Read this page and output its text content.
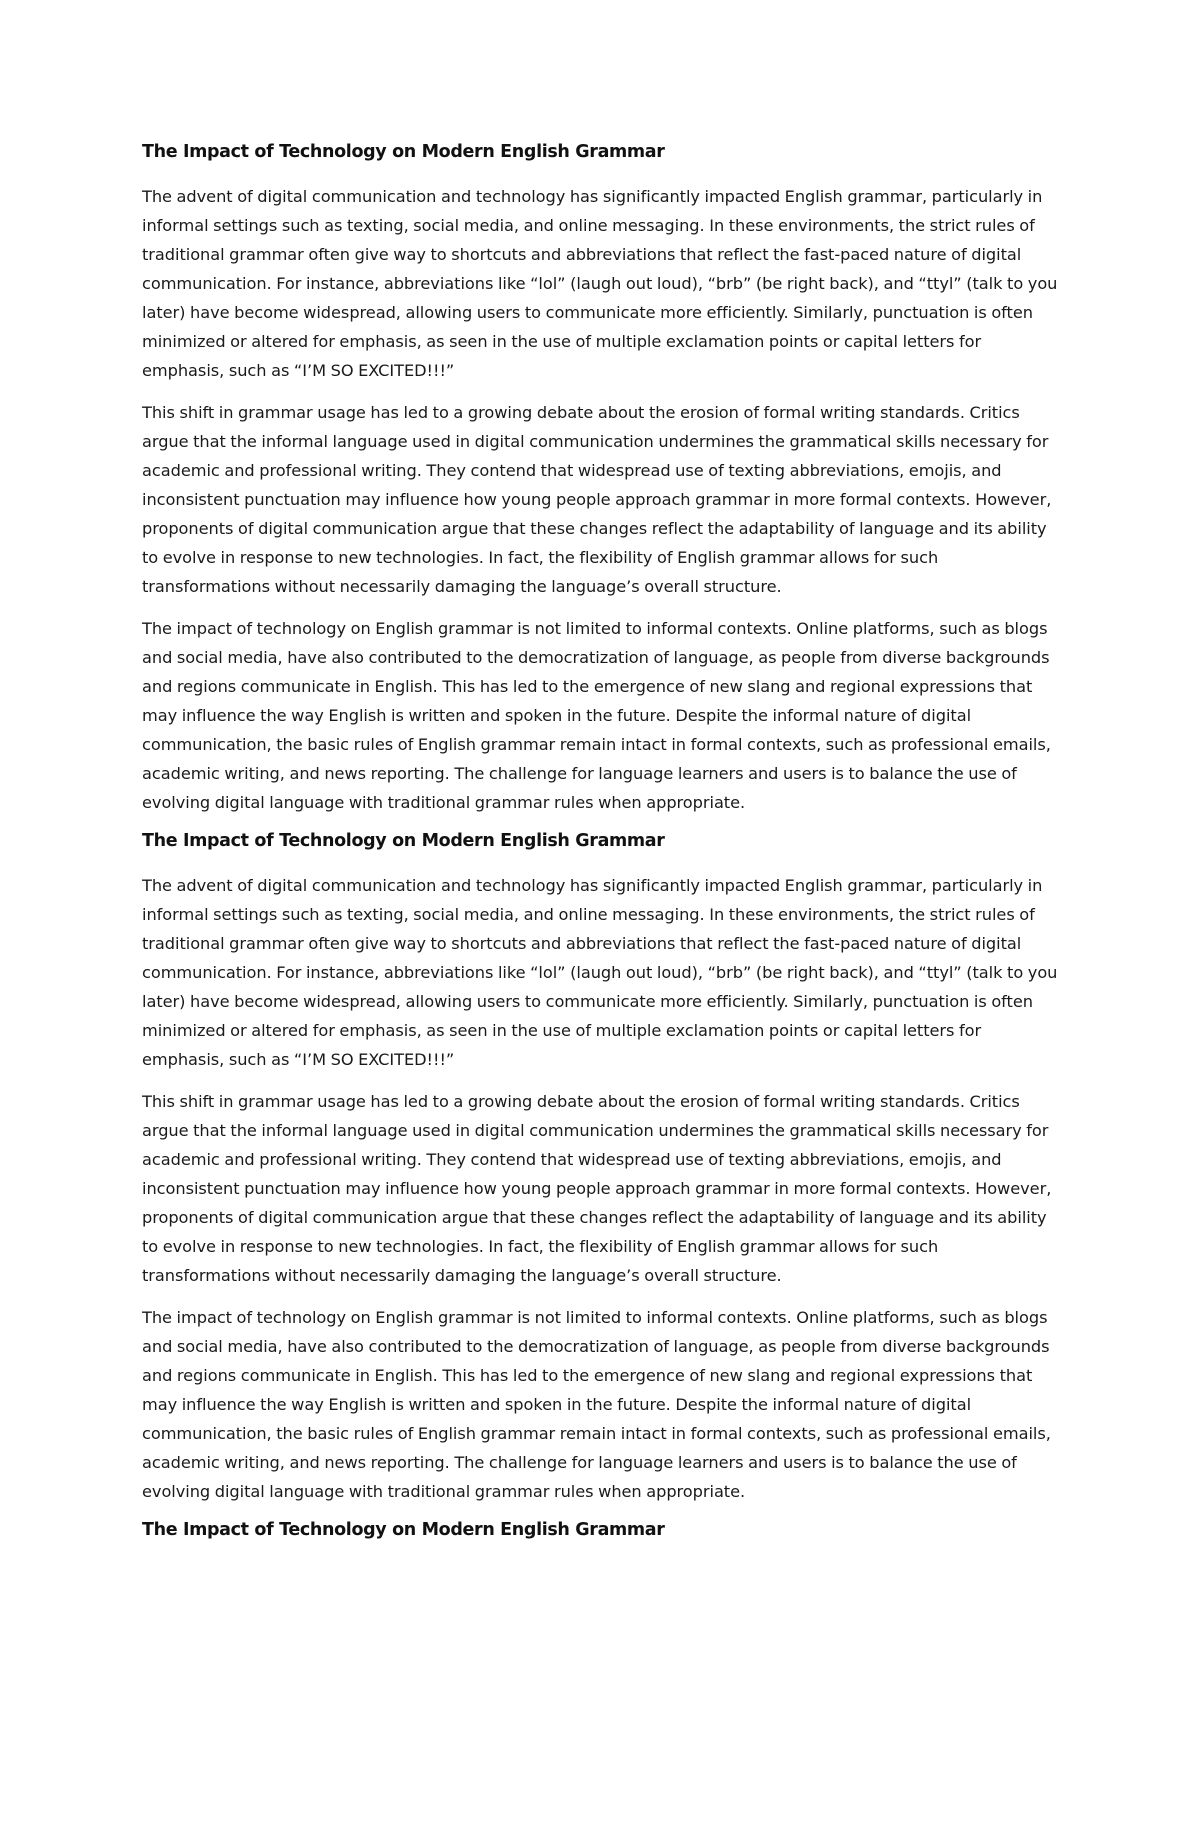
The Impact of Technology on Modern English Grammar

The advent of digital communication and technology has significantly impacted English grammar, particularly in informal settings such as texting, social media, and online messaging. In these environments, the strict rules of traditional grammar often give way to shortcuts and abbreviations that reflect the fast-paced nature of digital communication. For instance, abbreviations like “lol” (laugh out loud), “brb” (be right back), and “ttyl” (talk to you later) have become widespread, allowing users to communicate more efficiently. Similarly, punctuation is often minimized or altered for emphasis, as seen in the use of multiple exclamation points or capital letters for emphasis, such as “I’M SO EXCITED!!!”

This shift in grammar usage has led to a growing debate about the erosion of formal writing standards. Critics argue that the informal language used in digital communication undermines the grammatical skills necessary for academic and professional writing. They contend that widespread use of texting abbreviations, emojis, and inconsistent punctuation may influence how young people approach grammar in more formal contexts. However, proponents of digital communication argue that these changes reflect the adaptability of language and its ability to evolve in response to new technologies. In fact, the flexibility of English grammar allows for such transformations without necessarily damaging the language’s overall structure.

The impact of technology on English grammar is not limited to informal contexts. Online platforms, such as blogs and social media, have also contributed to the democratization of language, as people from diverse backgrounds and regions communicate in English. This has led to the emergence of new slang and regional expressions that may influence the way English is written and spoken in the future. Despite the informal nature of digital communication, the basic rules of English grammar remain intact in formal contexts, such as professional emails, academic writing, and news reporting. The challenge for language learners and users is to balance the use of evolving digital language with traditional grammar rules when appropriate.

The Impact of Technology on Modern English Grammar

The advent of digital communication and technology has significantly impacted English grammar, particularly in informal settings such as texting, social media, and online messaging. In these environments, the strict rules of traditional grammar often give way to shortcuts and abbreviations that reflect the fast-paced nature of digital communication. For instance, abbreviations like “lol” (laugh out loud), “brb” (be right back), and “ttyl” (talk to you later) have become widespread, allowing users to communicate more efficiently. Similarly, punctuation is often minimized or altered for emphasis, as seen in the use of multiple exclamation points or capital letters for emphasis, such as “I’M SO EXCITED!!!”

This shift in grammar usage has led to a growing debate about the erosion of formal writing standards. Critics argue that the informal language used in digital communication undermines the grammatical skills necessary for academic and professional writing. They contend that widespread use of texting abbreviations, emojis, and inconsistent punctuation may influence how young people approach grammar in more formal contexts. However, proponents of digital communication argue that these changes reflect the adaptability of language and its ability to evolve in response to new technologies. In fact, the flexibility of English grammar allows for such transformations without necessarily damaging the language’s overall structure.

The impact of technology on English grammar is not limited to informal contexts. Online platforms, such as blogs and social media, have also contributed to the democratization of language, as people from diverse backgrounds and regions communicate in English. This has led to the emergence of new slang and regional expressions that may influence the way English is written and spoken in the future. Despite the informal nature of digital communication, the basic rules of English grammar remain intact in formal contexts, such as professional emails, academic writing, and news reporting. The challenge for language learners and users is to balance the use of evolving digital language with traditional grammar rules when appropriate.

The Impact of Technology on Modern English Grammar
